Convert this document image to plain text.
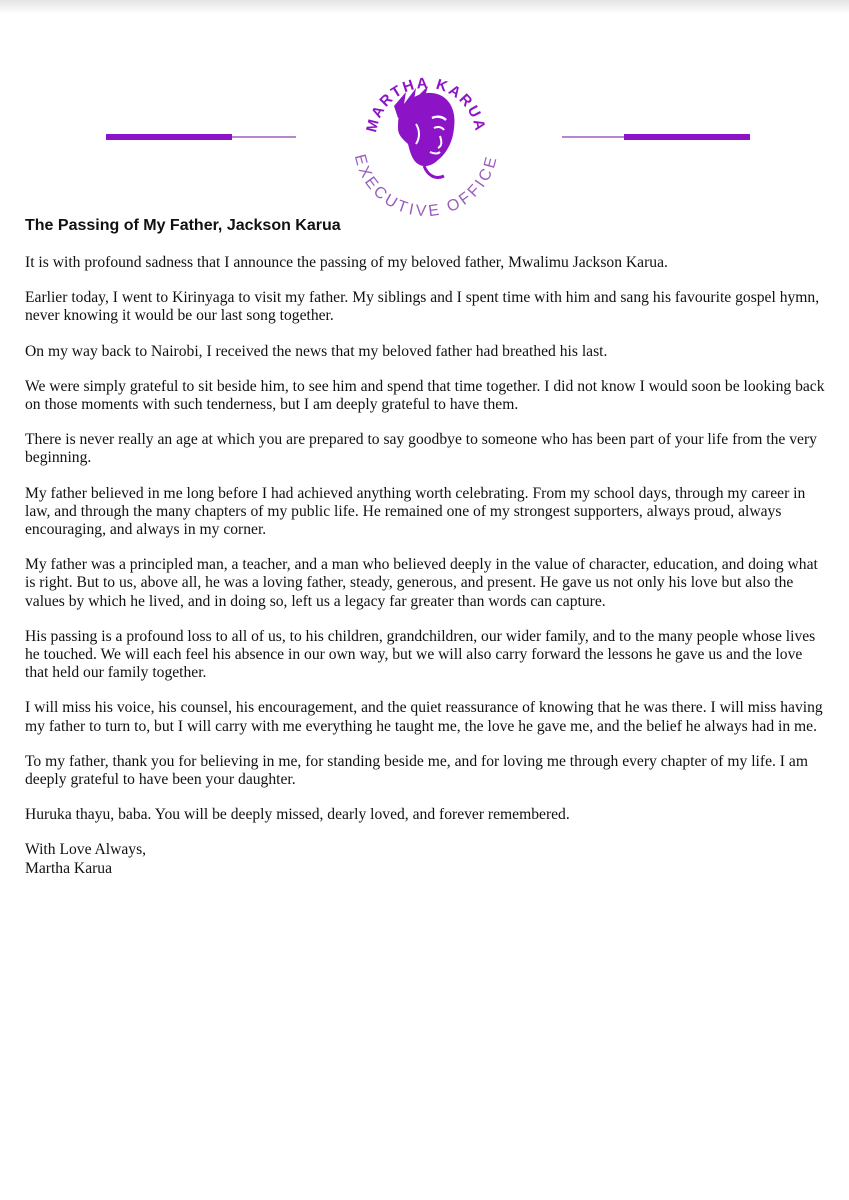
MARTHA KARUA
EXECUTIVE OFFICE
The Passing of My Father, Jackson Karua

It is with profound sadness that I announce the passing of my beloved father, Mwalimu Jackson Karua.

Earlier today, I went to Kirinyaga to visit my father. My siblings and I spent time with him and sang his favourite gospel hymn, never knowing it would be our last song together.

On my way back to Nairobi, I received the news that my beloved father had breathed his last.

We were simply grateful to sit beside him, to see him and spend that time together. I did not know I would soon be looking back on those moments with such tenderness, but I am deeply grateful to have them.

There is never really an age at which you are prepared to say goodbye to someone who has been part of your life from the very beginning.

My father believed in me long before I had achieved anything worth celebrating. From my school days, through my career in law, and through the many chapters of my public life. He remained one of my strongest supporters, always proud, always encouraging, and always in my corner.

My father was a principled man, a teacher, and a man who believed deeply in the value of character, education, and doing what is right. But to us, above all, he was a loving father, steady, generous, and present. He gave us not only his love but also the values by which he lived, and in doing so, left us a legacy far greater than words can capture.

His passing is a profound loss to all of us, to his children, grandchildren, our wider family, and to the many people whose lives he touched. We will each feel his absence in our own way, but we will also carry forward the lessons he gave us and the love that held our family together.

I will miss his voice, his counsel, his encouragement, and the quiet reassurance of knowing that he was there. I will miss having my father to turn to, but I will carry with me everything he taught me, the love he gave me, and the belief he always had in me.

To my father, thank you for believing in me, for standing beside me, and for loving me through every chapter of my life. I am deeply grateful to have been your daughter.

Huruka thayu, baba. You will be deeply missed, dearly loved, and forever remembered.

With Love Always,
Martha Karua
